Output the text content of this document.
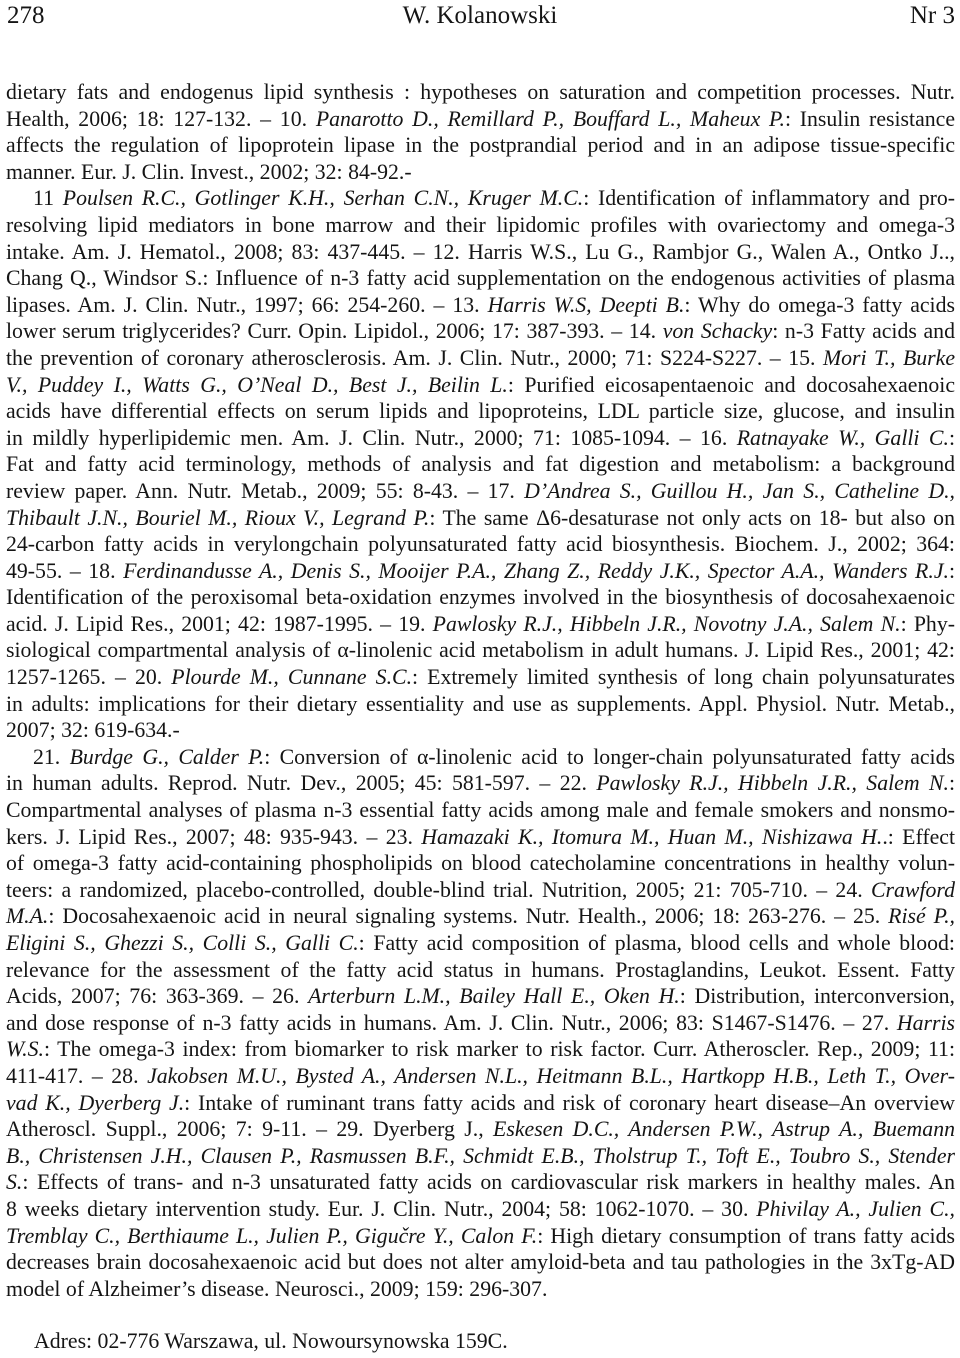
278	W. Kolanowski	Nr 3
dietary fats and endogenus lipid synthesis : hypotheses on saturation and competition processes. Nutr.
Health, 2006; 18: 127-132. – 10. Panarotto D., Remillard P., Bouffard L., Maheux P.: Insulin resistance
affects the regulation of lipoprotein lipase in the postprandial period and in an adipose tissue-specific
manner. Eur. J. Clin. Invest., 2002; 32: 84-92.-
11 Poulsen R.C., Gotlinger K.H., Serhan C.N., Kruger M.C.: Identification of inflammatory and pro-
resolving lipid mediators in bone marrow and their lipidomic profiles with ovariectomy and omega-3
intake. Am. J. Hematol., 2008; 83: 437-445. – 12. Harris W.S., Lu G., Rambjor G., Walen A., Ontko J..,
Chang Q., Windsor S.: Influence of n-3 fatty acid supplementation on the endogenous activities of plasma
lipases. Am. J. Clin. Nutr., 1997; 66: 254-260. – 13. Harris W.S, Deepti B.: Why do omega-3 fatty acids
lower serum triglycerides? Curr. Opin. Lipidol., 2006; 17: 387-393. – 14. von Schacky: n-3 Fatty acids and
the prevention of coronary atherosclerosis. Am. J. Clin. Nutr., 2000; 71: S224-S227. – 15. Mori T., Burke
V., Puddey I., Watts G., O’Neal D., Best J., Beilin L.: Purified eicosapentaenoic and docosahexaenoic
acids have differential effects on serum lipids and lipoproteins, LDL particle size, glucose, and insulin
in mildly hyperlipidemic men. Am. J. Clin. Nutr., 2000; 71: 1085-1094. – 16. Ratnayake W., Galli C.:
Fat and fatty acid terminology, methods of analysis and fat digestion and metabolism: a background
review paper. Ann. Nutr. Metab., 2009; 55: 8-43. – 17. D’Andrea S., Guillou H., Jan S., Catheline D.,
Thibault J.N., Bouriel M., Rioux V., Legrand P.: The same Δ6-desaturase not only acts on 18- but also on
24-carbon fatty acids in verylongchain polyunsaturated fatty acid biosynthesis. Biochem. J., 2002; 364:
49-55. – 18. Ferdinandusse A., Denis S., Mooijer P.A., Zhang Z., Reddy J.K., Spector A.A., Wanders R.J.:
Identification of the peroxisomal beta-oxidation enzymes involved in the biosynthesis of docosahexaenoic
acid. J. Lipid Res., 2001; 42: 1987-1995. – 19. Pawlosky R.J., Hibbeln J.R., Novotny J.A., Salem N.: Phy-
siological compartmental analysis of α-linolenic acid metabolism in adult humans. J. Lipid Res., 2001; 42:
1257-1265. – 20. Plourde M., Cunnane S.C.: Extremely limited synthesis of long chain polyunsaturates
in adults: implications for their dietary essentiality and use as supplements. Appl. Physiol. Nutr. Metab.,
2007; 32: 619-634.-
21. Burdge G., Calder P.: Conversion of α-linolenic acid to longer-chain polyunsaturated fatty acids
in human adults. Reprod. Nutr. Dev., 2005; 45: 581-597. – 22. Pawlosky R.J., Hibbeln J.R., Salem N.:
Compartmental analyses of plasma n-3 essential fatty acids among male and female smokers and nonsmo-
kers. J. Lipid Res., 2007; 48: 935-943. – 23. Hamazaki K., Itomura M., Huan M., Nishizawa H..: Effect
of omega-3 fatty acid-containing phospholipids on blood catecholamine concentrations in healthy volun-
teers: a randomized, placebo-controlled, double-blind trial. Nutrition, 2005; 21: 705-710. – 24. Crawford
M.A.: Docosahexaenoic acid in neural signaling systems. Nutr. Health., 2006; 18: 263-276. – 25. Risé P.,
Eligini S., Ghezzi S., Colli S., Galli C.: Fatty acid composition of plasma, blood cells and whole blood:
relevance for the assessment of the fatty acid status in humans. Prostaglandins, Leukot. Essent. Fatty
Acids, 2007; 76: 363-369. – 26. Arterburn L.M., Bailey Hall E., Oken H.: Distribution, interconversion,
and dose response of n-3 fatty acids in humans. Am. J. Clin. Nutr., 2006; 83: S1467-S1476. – 27. Harris
W.S.: The omega-3 index: from biomarker to risk marker to risk factor. Curr. Atheroscler. Rep., 2009; 11:
411-417. – 28. Jakobsen M.U., Bysted A., Andersen N.L., Heitmann B.L., Hartkopp H.B., Leth T., Over-
vad K., Dyerberg J.: Intake of ruminant trans fatty acids and risk of coronary heart disease–An overview
Atheroscl. Suppl., 2006; 7: 9-11. – 29. Dyerberg J., Eskesen D.C., Andersen P.W., Astrup A., Buemann
B., Christensen J.H., Clausen P., Rasmussen B.F., Schmidt E.B., Tholstrup T., Toft E., Toubro S., Stender
S.: Effects of trans- and n-3 unsaturated fatty acids on cardiovascular risk markers in healthy males. An
8 weeks dietary intervention study. Eur. J. Clin. Nutr., 2004; 58: 1062-1070. – 30. Phivilay A., Julien C.,
Tremblay C., Berthiaume L., Julien P., Gigučre Y., Calon F.: High dietary consumption of trans fatty acids
decreases brain docosahexaenoic acid but does not alter amyloid-beta and tau pathologies in the 3xTg-AD
model of Alzheimer’s disease. Neurosci., 2009; 159: 296-307.
Adres: 02-776 Warszawa, ul. Nowoursynowska 159C.
